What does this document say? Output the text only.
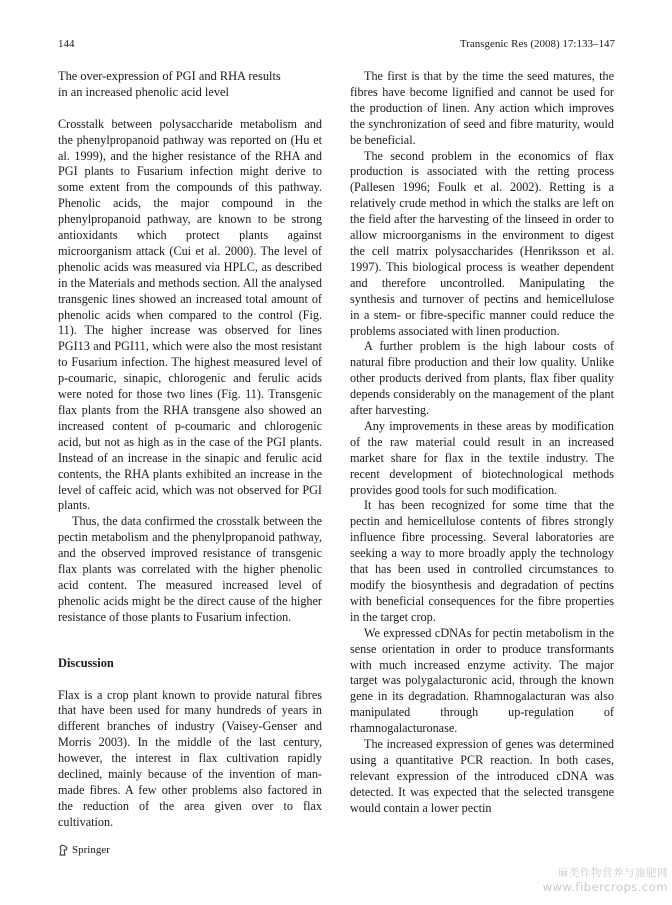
144	Transgenic Res (2008) 17:133–147

The over-expression of PGI and RHA results

in an increased phenolic acid level

Crosstalk between polysaccharide metabolism and the phenylpropanoid pathway was reported on (Hu et al. 1999), and the higher resistance of the RHA and PGI plants to Fusarium infection might derive to some extent from the compounds of this pathway. Phenolic acids, the major compound in the phenylpropanoid pathway, are known to be strong antioxidants which protect plants against microorganism attack (Cui et al. 2000). The level of phenolic acids was measured via HPLC, as described in the Materials and methods section. All the analysed transgenic lines showed an increased total amount of phenolic acids when compared to the control (Fig. 11). The higher increase was observed for lines PGI13 and PGI11, which were also the most resistant to Fusarium infection. The highest measured level of p-coumaric, sinapic, chlorogenic and ferulic acids were noted for those two lines (Fig. 11). Transgenic flax plants from the RHA transgene also showed an increased content of p-coumaric and chlorogenic acid, but not as high as in the case of the PGI plants. Instead of an increase in the sinapic and ferulic acid contents, the RHA plants exhibited an increase in the level of caffeic acid, which was not observed for PGI plants.

Thus, the data confirmed the crosstalk between the pectin metabolism and the phenylpropanoid pathway, and the observed improved resistance of transgenic flax plants was correlated with the higher phenolic acid content. The measured increased level of phenolic acids might be the direct cause of the higher resistance of those plants to Fusarium infection.

Discussion

Flax is a crop plant known to provide natural fibres that have been used for many hundreds of years in different branches of industry (Vaisey-Genser and Morris 2003). In the middle of the last century, however, the interest in flax cultivation rapidly declined, mainly because of the invention of man-made fibres. A few other problems also factored in the reduction of the area given over to flax cultivation.

The first is that by the time the seed matures, the fibres have become lignified and cannot be used for the production of linen. Any action which improves the synchronization of seed and fibre maturity, would be beneficial.

The second problem in the economics of flax production is associated with the retting process (Pallesen 1996; Foulk et al. 2002). Retting is a relatively crude method in which the stalks are left on the field after the harvesting of the linseed in order to allow microorganisms in the environment to digest the cell matrix polysaccharides (Henriksson et al. 1997). This biological process is weather dependent and therefore uncontrolled. Manipulating the synthesis and turnover of pectins and hemicellulose in a stem- or fibre-specific manner could reduce the problems associated with linen production.

A further problem is the high labour costs of natural fibre production and their low quality. Unlike other products derived from plants, flax fiber quality depends considerably on the management of the plant after harvesting.

Any improvements in these areas by modification of the raw material could result in an increased market share for flax in the textile industry. The recent development of biotechnological methods provides good tools for such modification.

It has been recognized for some time that the pectin and hemicellulose contents of fibres strongly influence fibre processing. Several laboratories are seeking a way to more broadly apply the technology that has been used in controlled circumstances to modify the biosynthesis and degradation of pectins with beneficial consequences for the fibre properties in the target crop.

We expressed cDNAs for pectin metabolism in the sense orientation in order to produce transformants with much increased enzyme activity. The major target was polygalacturonic acid, through the known gene in its degradation. Rhamnogalacturan was also manipulated through up-regulation of rhamnogalacturonase.

The increased expression of genes was determined using a quantitative PCR reaction. In both cases, relevant expression of the introduced cDNA was detected. It was expected that the selected transgene would contain a lower pectin

Springer
麻类作物营养与施肥网
www.fibercrops.com
